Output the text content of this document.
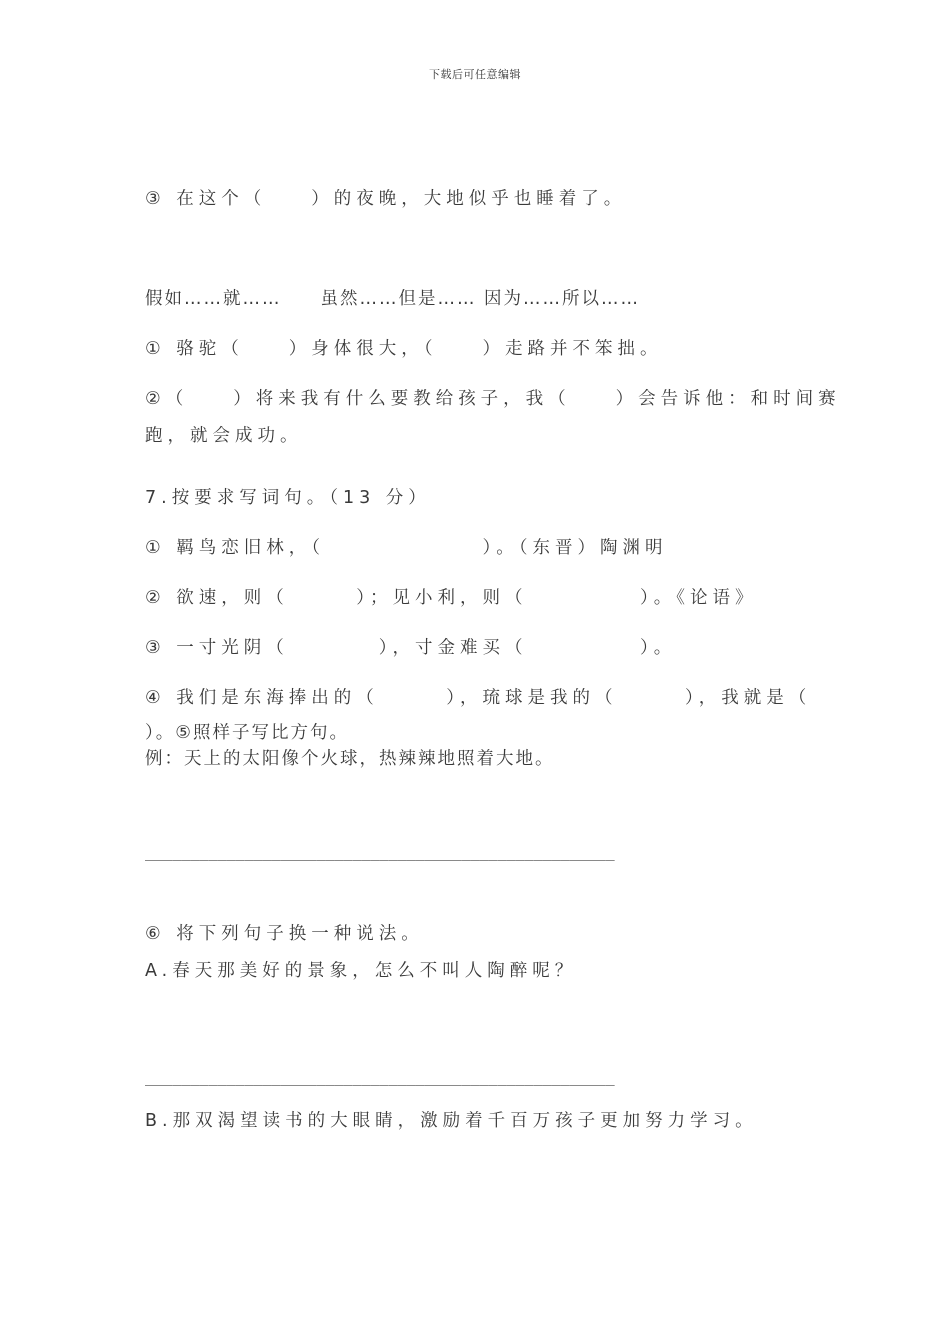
下载后可任意编辑
③ 在这个（　　）的夜晚，大地似乎也睡着了。
假如……就……　　虽然……但是…… 因为……所以……
① 骆驼（　　）身体很大，（　　）走路并不笨拙。
②（　　）将来我有什么要教给孩子，我（　　）会告诉他：和时间赛
跑，就会成功。
7.按要求写词句。（13 分）
① 羁鸟恋旧林，（　　　　　　　）。（东晋）陶渊明
② 欲速，则（　　　）；见小利，则（　　　　　）。《论语》
③ 一寸光阴（　　　　），寸金难买（　　　　　）。
④ 我们是东海捧出的（　　　），琉球是我的（　　　），我就是（
）。⑤照样子写比方句。
例：天上的太阳像个火球，热辣辣地照着大地。
____________________________________________________
⑥ 将下列句子换一种说法。
A.春天那美好的景象，怎么不叫人陶醉呢？
____________________________________________________
B.那双渴望读书的大眼睛，激励着千百万孩子更加努力学习。
